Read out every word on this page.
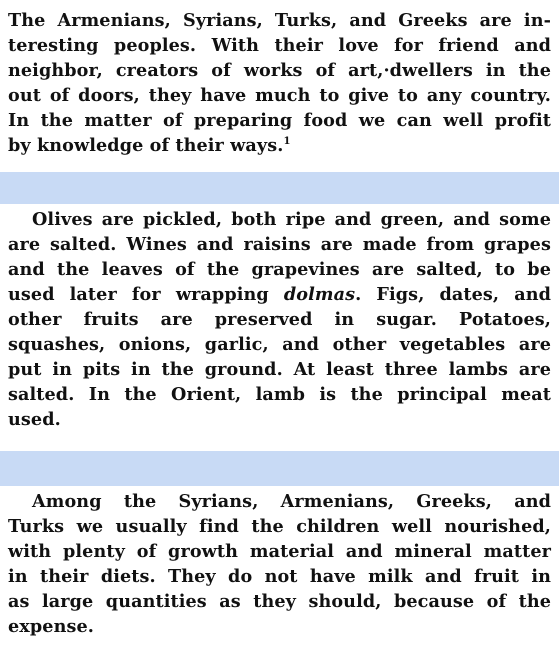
The Armenians, Syrians, Turks, and Greeks are in-
teresting peoples. With their love for friend and
neighbor, creators of works of art,·dwellers in the
out of doors, they have much to give to any country.
In the matter of preparing food we can well profit
by knowledge of their ways.$^1$
Olives are pickled, both ripe and green, and some
are salted. Wines and raisins are made from grapes
and the leaves of the grapevines are salted, to be
used later for wrapping dolmas. Figs, dates, and
other fruits are preserved in sugar. Potatoes,
squashes, onions, garlic, and other vegetables are
put in pits in the ground. At least three lambs are
salted. In the Orient, lamb is the principal meat
used.
Among the Syrians, Armenians, Greeks, and
Turks we usually find the children well nourished,
with plenty of growth material and mineral matter
in their diets. They do not have milk and fruit in
as large quantities as they should, because of the
expense.
